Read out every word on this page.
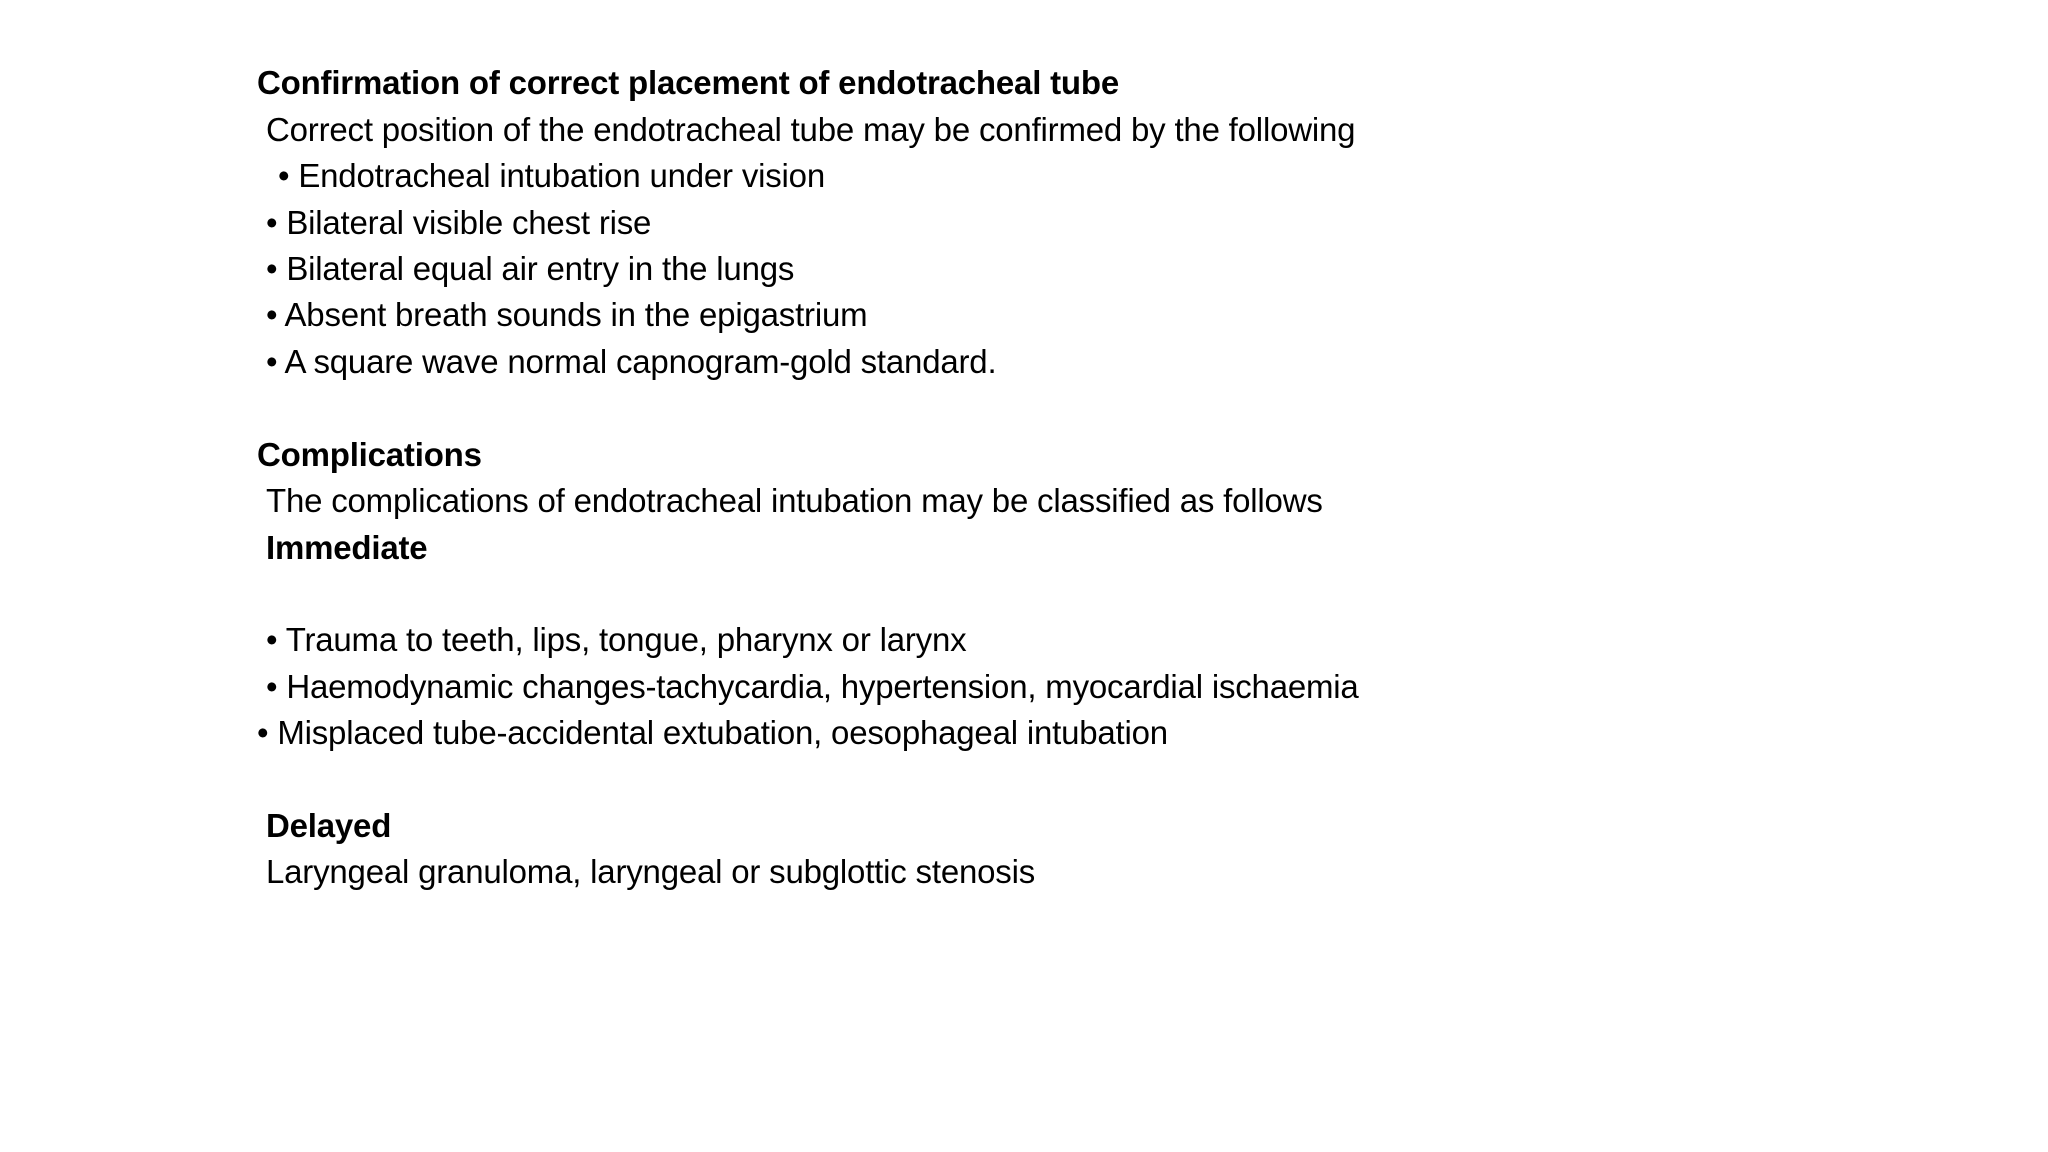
Confirmation of correct placement of endotracheal tube
Correct position of the endotracheal tube may be confirmed by the following
• Endotracheal intubation under vision
• Bilateral visible chest rise
• Bilateral equal air entry in the lungs
• Absent breath sounds in the epigastrium
• A square wave normal capnogram-gold standard.
Complications
The complications of endotracheal intubation may be classified as follows
Immediate
• Trauma to teeth, lips, tongue, pharynx or larynx
• Haemodynamic changes-tachycardia, hypertension, myocardial ischaemia
• Misplaced tube-accidental extubation, oesophageal intubation
Delayed
Laryngeal granuloma, laryngeal or subglottic stenosis
